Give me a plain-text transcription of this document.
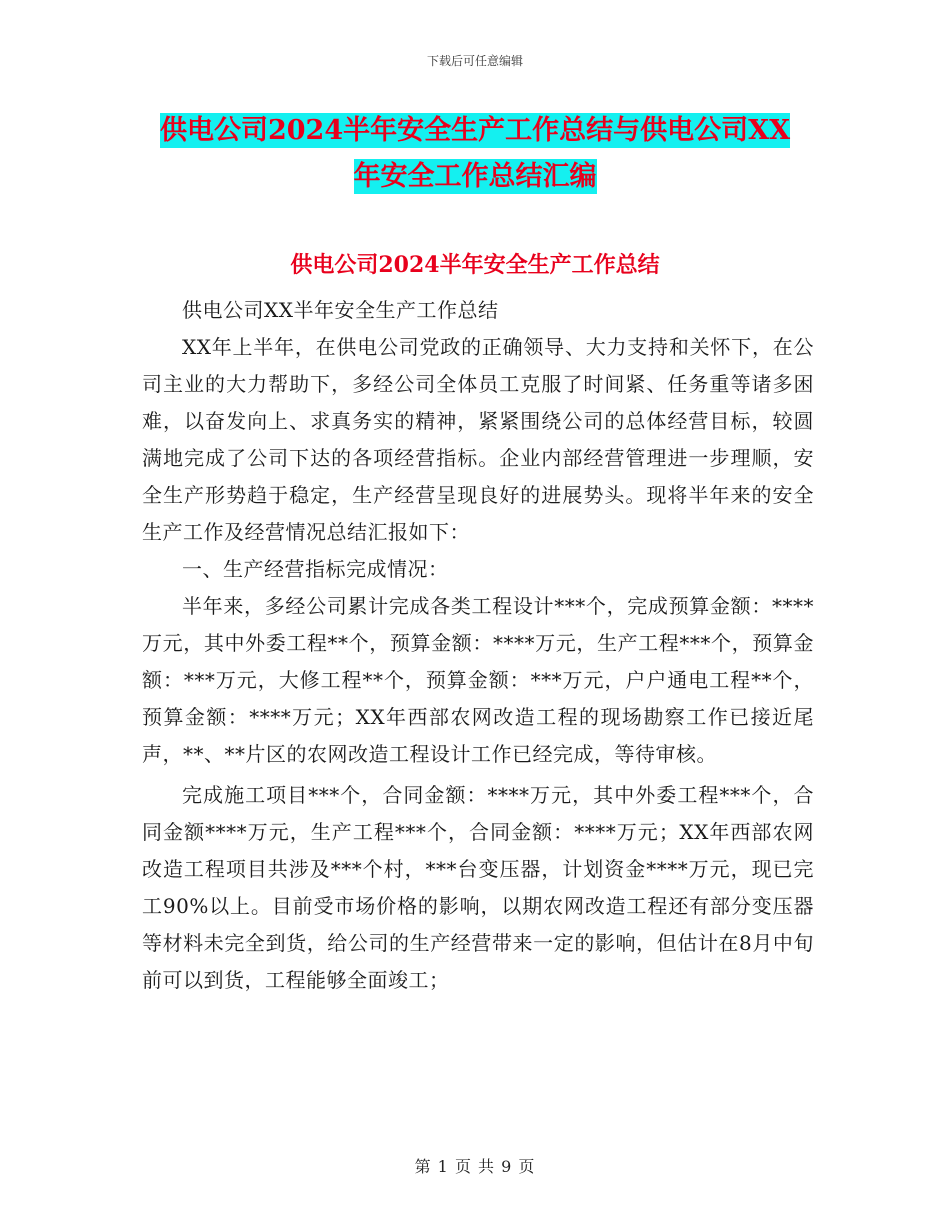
下载后可任意编辑
供电公司2024半年安全生产工作总结与供电公司XX
年安全工作总结汇编
供电公司2024半年安全生产工作总结

供电公司XX半年安全生产工作总结

XX年上半年，在供电公司党政的正确领导、大力支持和关怀下，在公司主业的大力帮助下，多经公司全体员工克服了时间紧、任务重等诸多困难，以奋发向上、求真务实的精神，紧紧围绕公司的总体经营目标，较圆满地完成了公司下达的各项经营指标。企业内部经营管理进一步理顺，安全生产形势趋于稳定，生产经营呈现良好的进展势头。现将半年来的安全生产工作及经营情况总结汇报如下：

一、生产经营指标完成情况：

半年来，多经公司累计完成各类工程设计***个，完成预算金额：****万元，其中外委工程**个，预算金额：****万元，生产工程***个，预算金额：***万元，大修工程**个，预算金额：***万元，户户通电工程**个，预算金额：****万元；XX年西部农网改造工程的现场勘察工作已接近尾声，**、**片区的农网改造工程设计工作已经完成，等待审核。

完成施工项目***个，合同金额：****万元，其中外委工程***个，合同金额****万元，生产工程***个，合同金额：****万元；XX年西部农网改造工程项目共涉及***个村，***台变压器，计划资金****万元，现已完工90%以上。目前受市场价格的影响，以期农网改造工程还有部分变压器等材料未完全到货，给公司的生产经营带来一定的影响，但估计在8月中旬前可以到货，工程能够全面竣工；

第 1 页 共 9 页
